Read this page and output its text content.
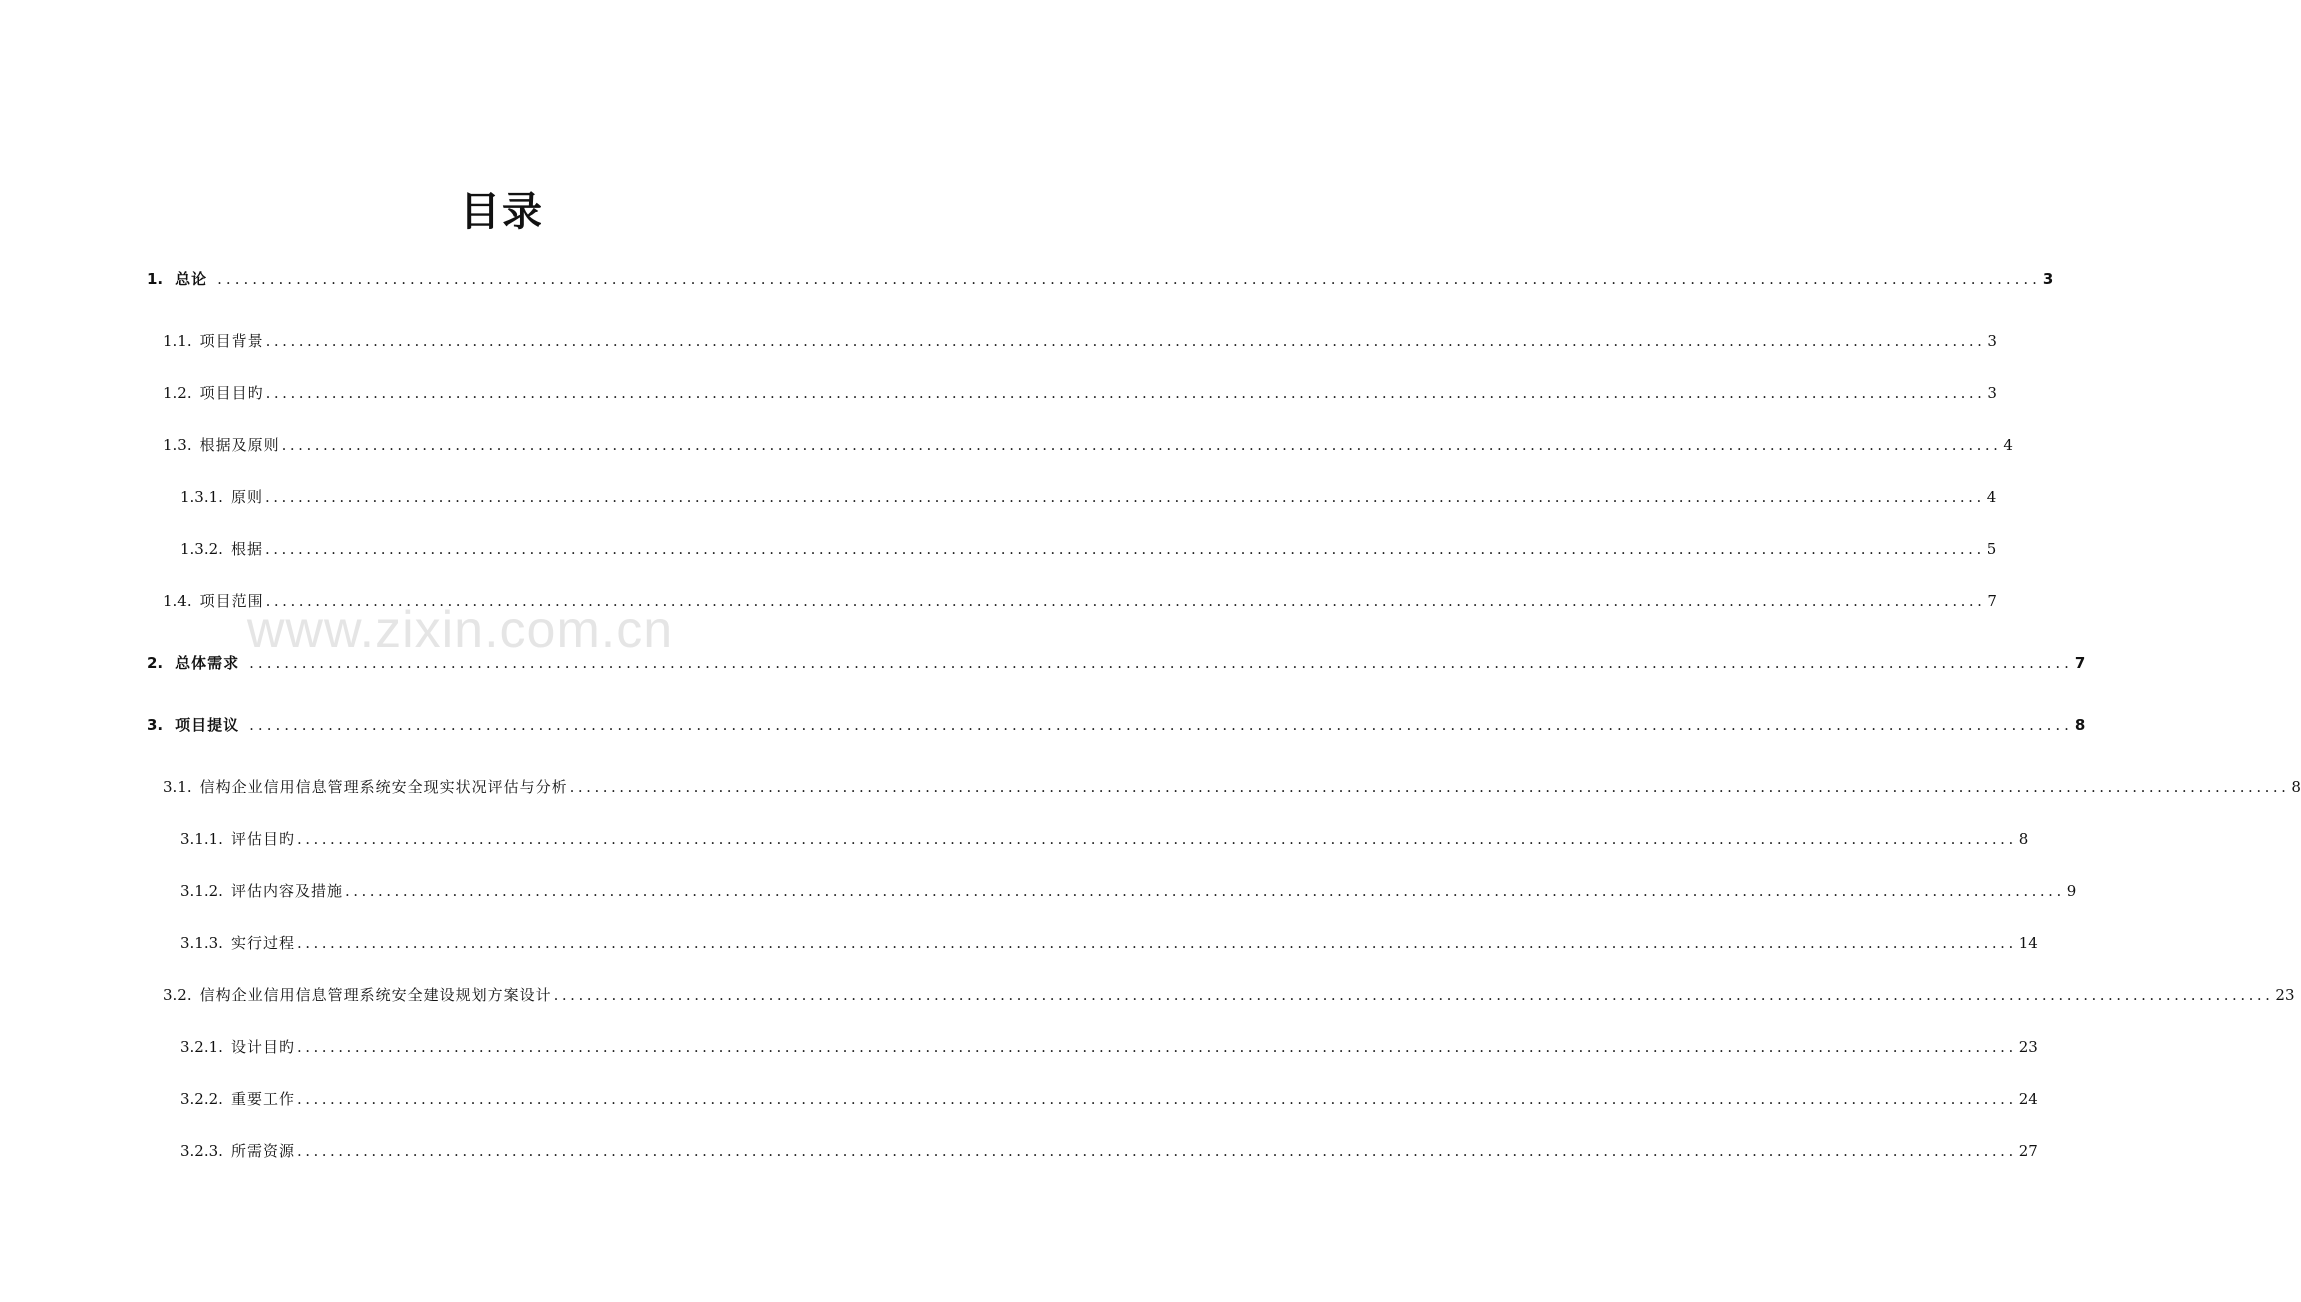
目录
www.zixin.com.cn
1. 总论 ................................................................................................................................................................................................................ 3
1.1. 项目背景 ................................................................................................................................................................................................................ 3
1.2. 项目目旳 ................................................................................................................................................................................................................ 3
1.3. 根据及原则 ................................................................................................................................................................................................................ 4
1.3.1. 原则 ................................................................................................................................................................................................................ 4
1.3.2. 根据 ................................................................................................................................................................................................................ 5
1.4. 项目范围 ................................................................................................................................................................................................................ 7
2. 总体需求 ................................................................................................................................................................................................................ 7
3. 项目提议 ................................................................................................................................................................................................................ 8
3.1. 信构企业信用信息管理系统安全现实状况评估与分析 ................................................................................................................................................................................................................ 8
3.1.1. 评估目旳 ................................................................................................................................................................................................................ 8
3.1.2. 评估内容及措施 ................................................................................................................................................................................................................ 9
3.1.3. 实行过程 ................................................................................................................................................................................................................ 14
3.2. 信构企业信用信息管理系统安全建设规划方案设计 ................................................................................................................................................................................................................ 23
3.2.1. 设计目旳 ................................................................................................................................................................................................................ 23
3.2.2. 重要工作 ................................................................................................................................................................................................................ 24
3.2.3. 所需资源 ................................................................................................................................................................................................................ 27
